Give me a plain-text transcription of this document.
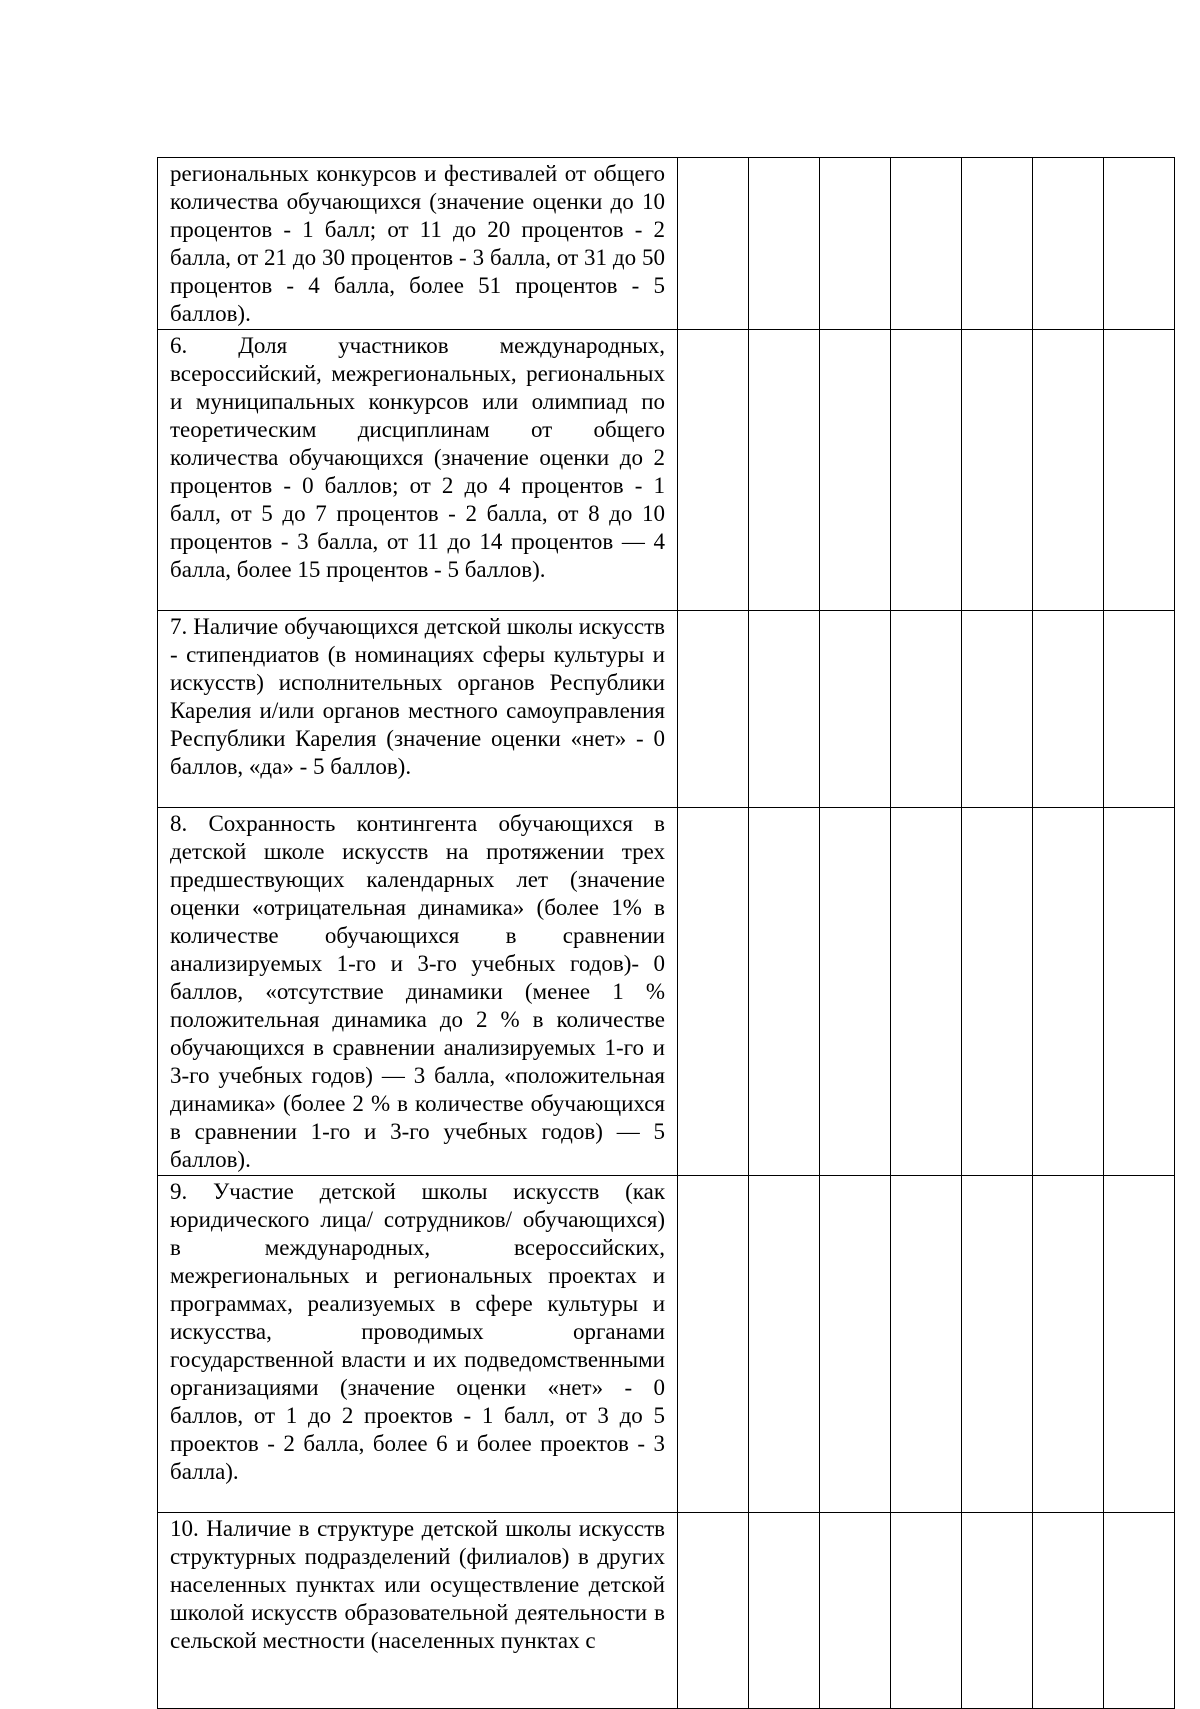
региональных конкурсов и фестивалей от общего количества обучающихся (значение оценки до 10 процентов - 1 балл; от 11 до 20 процентов - 2 балла, от 21 до 30 процентов - 3 балла, от 31 до 50 процентов - 4 балла, более 51 процентов - 5 баллов).							
6. Доля участников международных, всероссийский, межрегиональных, региональных и муниципальных конкурсов или олимпиад по теоретическим дисциплинам от общего количества обучающихся (значение оценки до 2 процентов - 0 баллов; от 2 до 4 процентов - 1 балл, от 5 до 7 процентов - 2 балла, от 8 до 10 процентов - 3 балла, от 11 до 14 процентов — 4 балла, более 15 процентов - 5 баллов).							
7. Наличие обучающихся детской школы искусств - стипендиатов (в номинациях сферы культуры и искусств) исполнительных органов Республики Карелия и/или органов местного самоуправления Республики Карелия (значение оценки «нет» - 0 баллов, «да» - 5 баллов).							
8. Сохранность контингента обучающихся в детской школе искусств на протяжении трех предшествующих календарных лет (значение оценки «отрицательная динамика» (более 1% в количестве обучающихся в сравнении анализируемых 1-го и 3-го учебных годов)- 0 баллов, «отсутствие динамики (менее 1 % положительная динамика до 2 % в количестве обучающихся в сравнении анализируемых 1-го и 3-го учебных годов) — 3 балла, «положительная динамика» (более 2 % в количестве обучающихся в сравнении 1-го и 3-го учебных годов) — 5 баллов).							
9. Участие детской школы искусств (как юридического лица/ сотрудников/ обучающихся) в международных, всероссийских, межрегиональных и региональных проектах и программах, реализуемых в сфере культуры и искусства, проводимых органами государственной власти и их подведомственными организациями (значение оценки «нет» - 0 баллов, от 1 до 2 проектов - 1 балл, от 3 до 5 проектов - 2 балла, более 6 и более проектов - 3 балла).							
10. Наличие в структуре детской школы искусств структурных подразделений (филиалов) в других населенных пунктах или осуществление детской школой искусств образовательной деятельности в сельской местности (населенных пунктах с							
